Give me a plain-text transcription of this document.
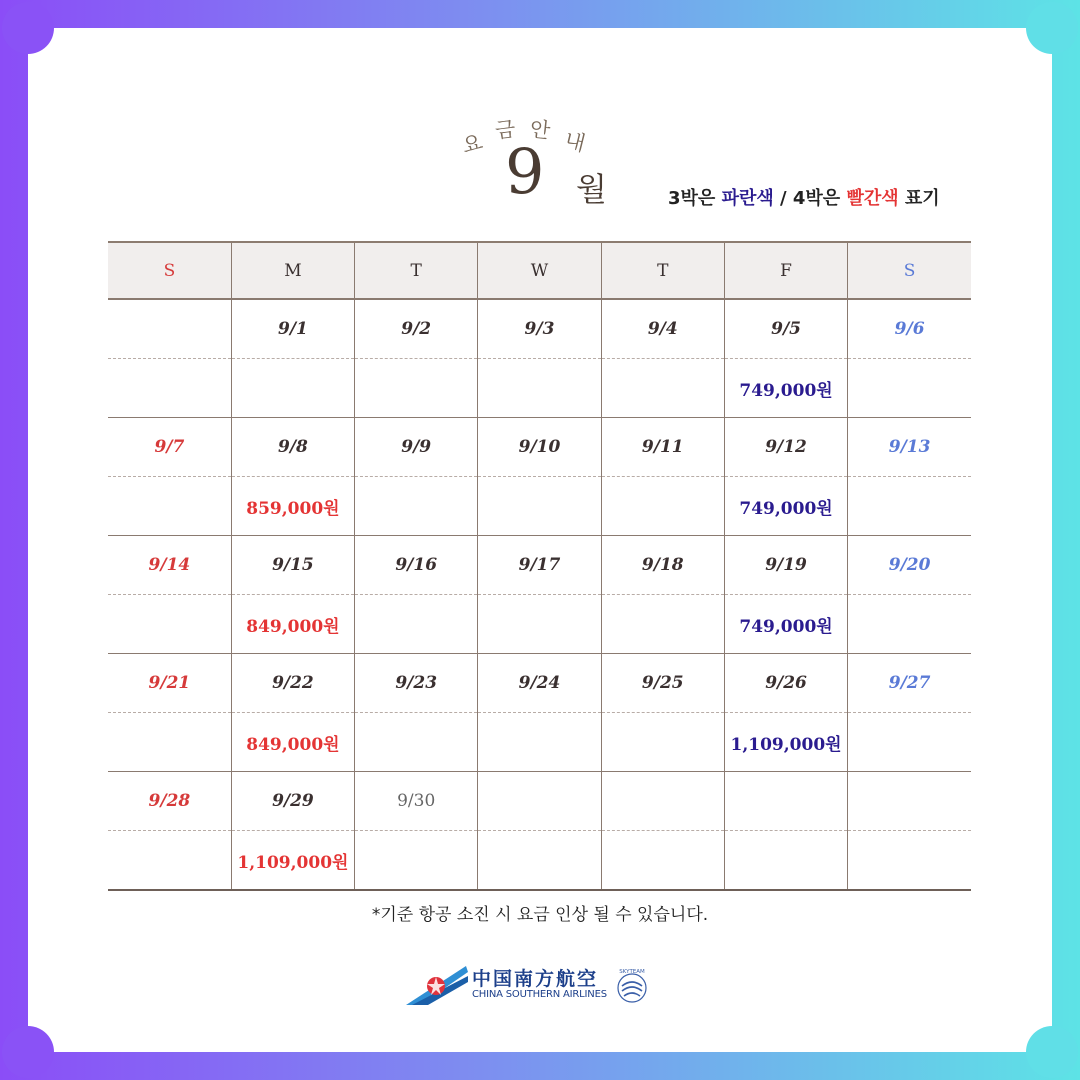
요 금 안 내
9 월	3박은 파란색 / 4박은 빨간색 표기
S	M	T	W	T	F	S
	9/1	9/2	9/3	9/4	9/5	9/6
					749,000원	
9/7	9/8	9/9	9/10	9/11	9/12	9/13
	859,000원				749,000원	
9/14	9/15	9/16	9/17	9/18	9/19	9/20
	849,000원				749,000원	
9/21	9/22	9/23	9/24	9/25	9/26	9/27
	849,000원				1,109,000원	
9/28	9/29	9/30				
	1,109,000원					
*기준 항공 소진 시 요금 인상 될 수 있습니다.
中国南方航空
CHINA SOUTHERN AIRLINES
SKYTEAM
